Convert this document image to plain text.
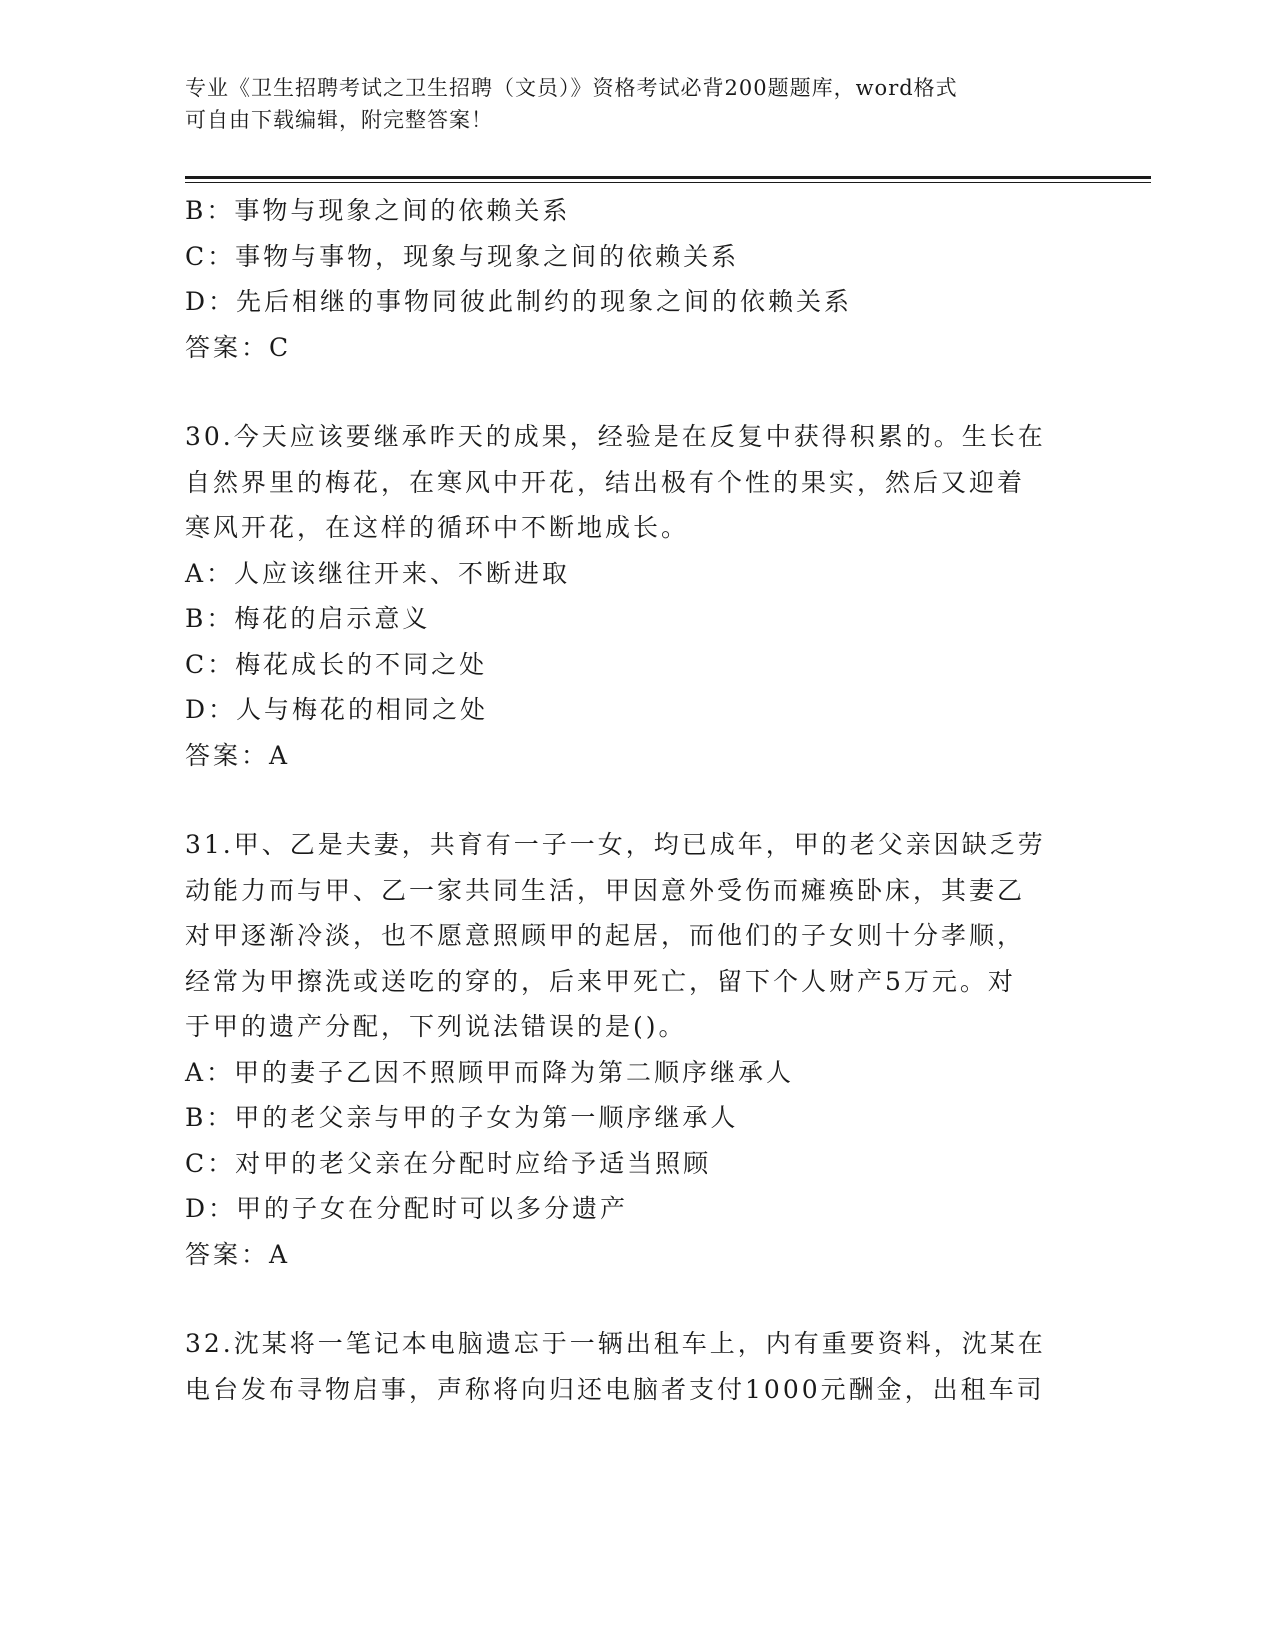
专业《卫生招聘考试之卫生招聘（文员）》资格考试必背200题题库，word格式
可自由下载编辑，附完整答案！
B：事物与现象之间的依赖关系
C：事物与事物，现象与现象之间的依赖关系
D：先后相继的事物同彼此制约的现象之间的依赖关系
答案：C
30.今天应该要继承昨天的成果，经验是在反复中获得积累的。生长在
自然界里的梅花，在寒风中开花，结出极有个性的果实，然后又迎着
寒风开花，在这样的循环中不断地成长。
A：人应该继往开来、不断进取
B：梅花的启示意义
C：梅花成长的不同之处
D：人与梅花的相同之处
答案：A
31.甲、乙是夫妻，共育有一子一女，均已成年，甲的老父亲因缺乏劳
动能力而与甲、乙一家共同生活，甲因意外受伤而瘫痪卧床，其妻乙
对甲逐渐冷淡，也不愿意照顾甲的起居，而他们的子女则十分孝顺，
经常为甲擦洗或送吃的穿的，后来甲死亡，留下个人财产5万元。对
于甲的遗产分配，下列说法错误的是()。
A：甲的妻子乙因不照顾甲而降为第二顺序继承人
B：甲的老父亲与甲的子女为第一顺序继承人
C：对甲的老父亲在分配时应给予适当照顾
D：甲的子女在分配时可以多分遗产
答案：A
32.沈某将一笔记本电脑遗忘于一辆出租车上，内有重要资料，沈某在
电台发布寻物启事，声称将向归还电脑者支付1000元酬金，出租车司
